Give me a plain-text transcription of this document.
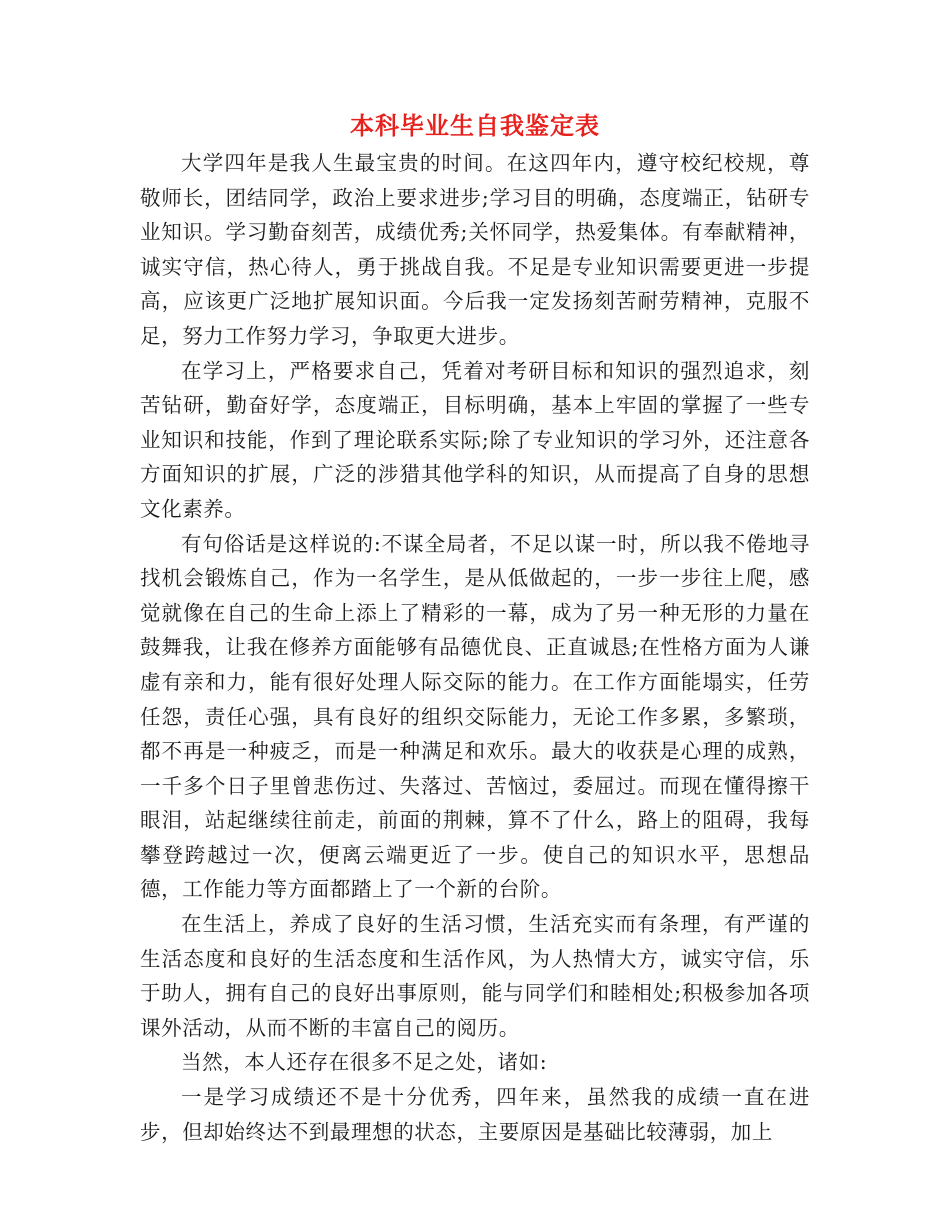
本科毕业生自我鉴定表

大学四年是我人生最宝贵的时间。在这四年内，遵守校纪校规，尊敬师长，团结同学，政治上要求进步;学习目的明确，态度端正，钻研专业知识。学习勤奋刻苦，成绩优秀;关怀同学，热爱集体。有奉献精神，诚实守信，热心待人，勇于挑战自我。不足是专业知识需要更进一步提高，应该更广泛地扩展知识面。今后我一定发扬刻苦耐劳精神，克服不足，努力工作努力学习，争取更大进步。

在学习上，严格要求自己，凭着对考研目标和知识的强烈追求，刻苦钻研，勤奋好学，态度端正，目标明确，基本上牢固的掌握了一些专业知识和技能，作到了理论联系实际;除了专业知识的学习外，还注意各方面知识的扩展，广泛的涉猎其他学科的知识，从而提高了自身的思想文化素养。

有句俗话是这样说的:不谋全局者，不足以谋一时，所以我不倦地寻找机会锻炼自己，作为一名学生，是从低做起的，一步一步往上爬，感觉就像在自己的生命上添上了精彩的一幕，成为了另一种无形的力量在鼓舞我，让我在修养方面能够有品德优良、正直诚恳;在性格方面为人谦虚有亲和力，能有很好处理人际交际的能力。在工作方面能塌实，任劳任怨，责任心强，具有良好的组织交际能力，无论工作多累，多繁琐，都不再是一种疲乏，而是一种满足和欢乐。最大的收获是心理的成熟，一千多个日子里曾悲伤过、失落过、苦恼过，委屈过。而现在懂得擦干眼泪，站起继续往前走，前面的荆棘，算不了什么，路上的阻碍，我每攀登跨越过一次，便离云端更近了一步。使自己的知识水平，思想品德，工作能力等方面都踏上了一个新的台阶。

在生活上，养成了良好的生活习惯，生活充实而有条理，有严谨的生活态度和良好的生活态度和生活作风，为人热情大方，诚实守信，乐于助人，拥有自己的良好出事原则，能与同学们和睦相处;积极参加各项课外活动，从而不断的丰富自己的阅历。

当然，本人还存在很多不足之处，诸如:

一是学习成绩还不是十分优秀，四年来，虽然我的成绩一直在进步，但却始终达不到最理想的状态，主要原因是基础比较薄弱，加上
